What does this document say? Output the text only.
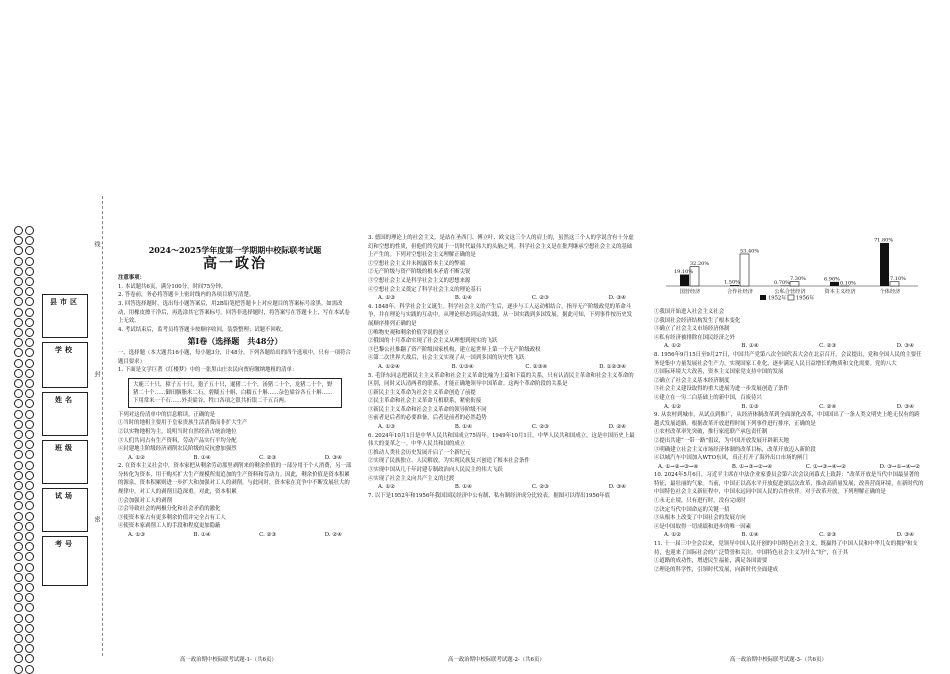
县市区
学校
姓名
班级
试场
考号
线
封
密
2024～2025学年度第一学期期中校际联考试题
高一政治

注意事项：

1. 本试题共6页，满分100分，时间75分钟。

2. 答卷前，务必将答题卡上密封线内的各项目填写清楚。

3. 回答选择题时，选出每小题答案后，用2B铅笔把答题卡上对应题目的答案标号涂黑。如需改动，用橡皮擦干净后，再选涂其它答案标号。回答非选择题时，将答案写在答题卡上，写在本试卷上无效。

4. 考试结束后，监考员将答题卡按顺序收回，装袋整理；试题不回收。

第Ⅰ卷（选择题　共48分）

一、选择题（本大题共16小题，每小题3分，计48分。下列各题给出的四个选项中，只有一项符合题目要求）

1. 下面是文学巨著《红楼梦》中的一张黑山庄农民向贾府缴纳地租的清单：

大鹿三十只，獐子五十只，狍子五十只，暹猪二十个，汤猪二十个，龙猪二十个，野猪二十个……御田胭脂米二石，碧糯五十斛，白糯五十斛……杂色粱谷各五十斛……下用常米一千石……外卖粱谷、牲口各项之银共折银二千五百两。

下列对这份清单中的信息解读，正确的是

①当时的地租主要用于皇家贵族生活消费而非扩大生产

②以实物地租为主，说明当时自然经济占统治地位

③人们共同占有生产资料，劳动产品实行平均分配

④封建地主阶级经济剥削农民阶级的反抗愈加强烈

A. ①②	B. ①④	C. ②③	D. ③④

2. 在资本主义社会中，资本家把从剩余劳动那里剥削来的剩余价值的一部分用于个人消费，另一部分转化为资本，用于购买扩大生产规模所需追加的生产资料和劳动力。因此，剩余价值是资本积累的源泉，资本积累则进一步扩大和加强对工人的剥削。与此同时，资本家在竞争中不断发展壮大的规律中，对工人的剥削日趋深重。对此，资本积累

①会加强对工人的剥削

②会导致社会的两极分化和社会矛盾的激化

③使资本家占有更多剩余价值并完全占有工人

④使资本家剥削工人的手段和程度更加隐蔽

A. ①③	B. ①④	C. ②③	D. ②④

高一政治期中校际联考试题-1-（共6页）

3. 德国的理论上的社会主义，是站在圣西门、傅立叶、欧文这三个人的肩上的，虽然这三个人的学说含有十分虚幻和空想的性质，但他们终究属于一切时代最伟大的头脑之列。科学社会主义是在批判继承空想社会主义的基础上产生的。下列对空想社会主义理解正确的是

①空想社会主义并未揭露资本主义的弊端

②无产阶级与资产阶级的根本矛盾不断尖锐

③空想社会主义是科学社会主义的思想来源

④空想社会主义奠定了科学社会主义的理论基石

A. ①③	B. ①④	C. ②③	D. ③④

4. 1848年，科学社会主义诞生。科学社会主义的产生后，逐步与工人运动相结合，指导无产阶级政党的革命斗争，并在理论与实践的互动中，从理论形态到运动实践，从一国实践到多国发展。据此可知，下列事件按历史发展顺序排列正确的是

①唯物史观和剩余价值学说的创立

②俄国的十月革命实现了社会主义从理想到现实的飞跃

③巴黎公社推翻了资产阶级国家机构，建立起世界上第一个无产阶级政权

④第二次世界大战后，社会主义实现了从一国到多国的历史性飞跃

A. ①②④	B. ①③④	C. ②③④	D. ①②③④

5. 毛泽东同志把新民主主义革命和社会主义革命比喻为上篇和下篇的关系，只有认清民主革命和社会主义革命的区别，同时又认清两者的联系，才能正确地领导中国革命。这两个革命阶段的关系是

①新民主主义革命为社会主义革命创造了前提

②民主革命和社会主义革命互相联系，紧密衔接

③新民主主义革命和社会主义革命的领导阶级不同

④前者是后者的必要准备，后者是前者的必然趋势

A. ①③	B. ①④	C. ②③	D. ②④

6. 2024年10月1日是中华人民共和国成立75周年。1949年10月1日，中华人民共和国成立。这是中国历史上最伟大的变革之一。中华人民共和国的成立

①推动人类社会历史发展开启了一个新纪元

②实现了民族独立、人民解放，为实现民族复兴创造了根本社会条件

③实现中国从几千年封建专制政治向人民民主的伟大飞跃

④实现了社会主义向共产主义的过渡

A. ①②	B. ①④	C. ②③	D. ③④

7. 以下是1952年和1956年我国国民经济中公有制、私有制经济成分比较表。据图可以得出1956年底

高一政治期中校际联考试题-2-（共6页）
19.10%
32.20%
国营经济
1.50%
53.40%
合作社经济
0.70%
7.30%
公私合营经济
6.90%
0.10%
资本主义经济
71.80%
7.10%
个体经济
1952年 1956年

①我国开始进入社会主义社会

②我国社会经济结构发生了根本变化

③确立了社会主义市场经济体制

④私有经济被排除在国民经济之外

A. ①②	B. ①④	C. ②③	D. ③④

8. 1956年9月15日至9月27日，中国共产党第八次全国代表大会在北京召开。会议提出，党和全国人民的主要任务是集中力量发展社会生产力，实现国家工业化，逐步满足人民日益增长的物质和文化需要。党的八大

①国际环境大大改善，资本主义国家党支持中国的发展

②确立了社会主义基本经济制度

③社会主义建设取得的重大进展为进一步发展创造了条件

④建立在一穷二白基础上的新中国，百废待兴

A. ①②	B. ①③	C. ②④	D. ③④

9. 从农村到城市，从试点到推广，从经济体制改革到全面深化改革，中国国出了一条人类文明史上绝无仅有的跨越式发展道路。根据改革开放进程时间下列事件进行排序，正确的是

①农村改革率先突破，推行家庭联产承包责任制

②提出共建“一带一路”倡议，为中国开放发展开辟新天地

③明确建立社会主义市场经济体制的改革目标，改革开放迈入新阶段

④以城汽车中国加入WTO东风，真正打开了海外出口市场的闸门

A. ①→②→③→④	B. ①→③→②→④	C. ①→③→④→②	D. ③→①→④→②

10. 2024年5月6日，习近平主席在中法企业家委员会第六次会议闭幕式上致辞：“改革开放是当代中国最显著的特征，最壮丽的气象。当前，中国正以高水平开放促进深层次改革，推动高质量发展，改善营商环境，在新时代的中国特色社会主义新征程中，中国永远同中国人民的合作伙伴。对于改革开放，下列理解正确的是

①永无止境，只有进行时，没有完成时

②决定当代中国命运的关键一招

③从根本上改变了中国社会的发展方向

④是中国取得一切成绩和进步的唯一因素

A. ①②	B. ①④	C. ②③	D. ③④

11. 十一届三中全会以来，党领导中国人民开创的中国特色社会主义，既赢得了中国人民和中华儿女的拥护和支持，也迎来了国际社会的广泛赞誉和关注。中国特色社会主义为什么“好”，在于其

①道路的成功性，增进民生福祉，满足各国需要

②理论的科学性，引领时代发展，向新时代全面建成

高一政治期中校际联考试题-3-（共6页）
